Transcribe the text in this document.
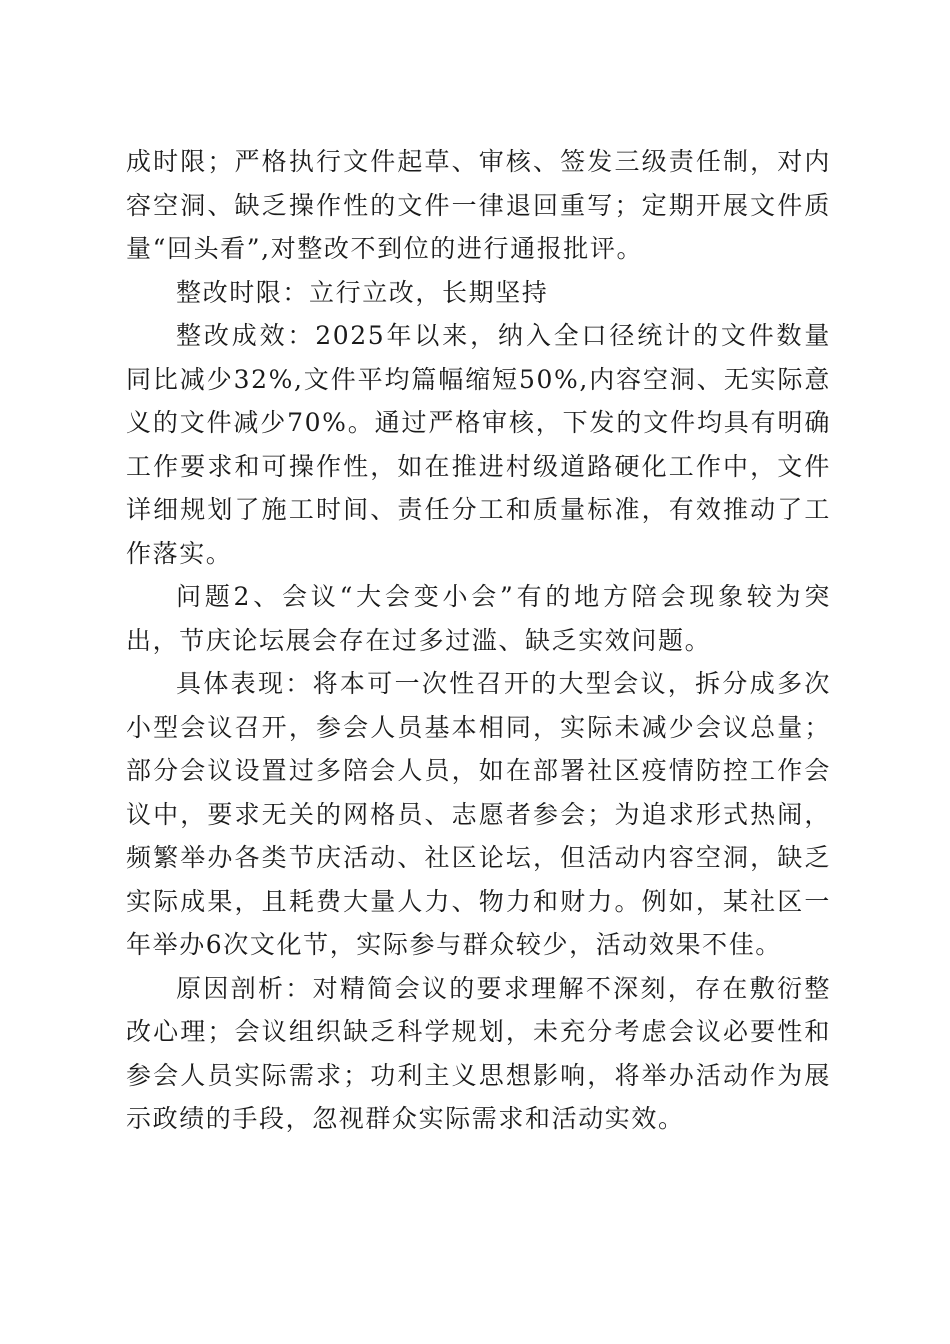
成时限；严格执行文件起草、审核、签发三级责任制，对内容空洞、缺乏操作性的文件一律退回重写；定期开展文件质量“回头看”,对整改不到位的进行通报批评。

整改时限：立行立改，长期坚持

整改成效：2025年以来，纳入全口径统计的文件数量同比减少32%,文件平均篇幅缩短50%,内容空洞、无实际意义的文件减少70%。通过严格审核，下发的文件均具有明确工作要求和可操作性，如在推进村级道路硬化工作中，文件详细规划了施工时间、责任分工和质量标准，有效推动了工作落实。

问题2、会议“大会变小会”有的地方陪会现象较为突出，节庆论坛展会存在过多过滥、缺乏实效问题。

具体表现：将本可一次性召开的大型会议，拆分成多次小型会议召开，参会人员基本相同，实际未减少会议总量；部分会议设置过多陪会人员，如在部署社区疫情防控工作会议中，要求无关的网格员、志愿者参会；为追求形式热闹，频繁举办各类节庆活动、社区论坛，但活动内容空洞，缺乏实际成果，且耗费大量人力、物力和财力。例如，某社区一年举办6次文化节，实际参与群众较少，活动效果不佳。

原因剖析：对精简会议的要求理解不深刻，存在敷衍整改心理；会议组织缺乏科学规划，未充分考虑会议必要性和参会人员实际需求；功利主义思想影响，将举办活动作为展示政绩的手段，忽视群众实际需求和活动实效。
